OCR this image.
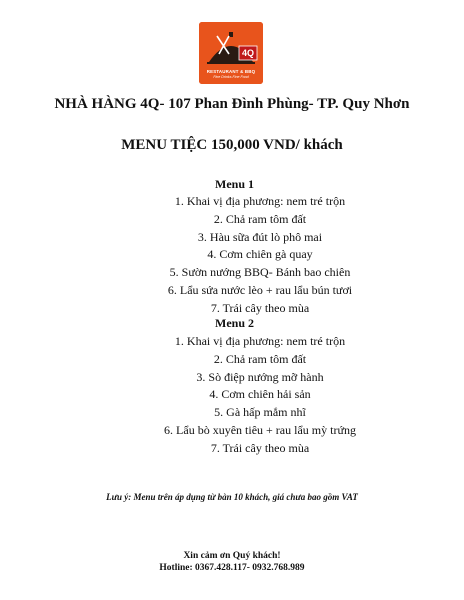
4Q
RESTAURANT & BBQ
Fine Drinks Fine Food
NHÀ HÀNG 4Q- 107 Phan Đình Phùng- TP. Quy Nhơn
MENU TIỆC 150,000 VND/ khách
Menu 1
1. Khai vị địa phương: nem tré trộn
2. Chả ram tôm đất
3. Hàu sữa đút lò phô mai
4. Cơm chiên gà quay
5. Sườn nướng BBQ- Bánh bao chiên
6. Lẩu sứa nước lèo + rau lẩu bún tươi
7. Trái cây theo mùa
Menu 2
1. Khai vị địa phương: nem tré trộn
2. Chả ram tôm đất
3. Sò điệp nướng mỡ hành
4. Cơm chiên hải sản
5. Gà hấp mắm nhĩ
6. Lẩu bò xuyên tiêu + rau lẩu mỳ trứng
7. Trái cây theo mùa
Lưu ý: Menu trên áp dụng từ bàn 10 khách, giá chưa bao gồm VAT
Xin cảm ơn Quý khách!
Hotline: 0367.428.117- 0932.768.989
